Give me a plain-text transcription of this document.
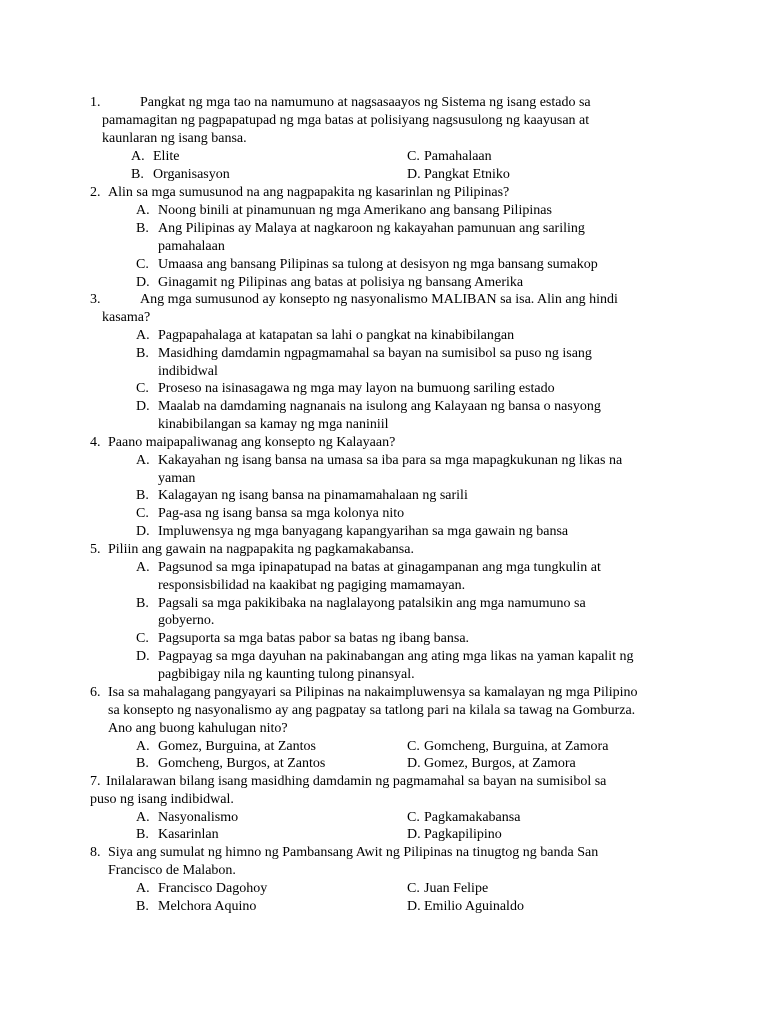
1.	Pangkat ng mga tao na namumuno at nagsasaayos ng Sistema ng isang estado sa
pamamagitan ng pagpapatupad ng mga batas at polisiyang nagsusulong ng kaayusan at
kaunlaran ng isang bansa.
A. Elite	C. Pamahalaan
B. Organisasyon	D. Pangkat Etniko
2. Alin sa mga sumusunod na ang nagpapakita ng kasarinlan ng Pilipinas?
A. Noong binili at pinamunuan ng mga Amerikano ang bansang Pilipinas
B. Ang Pilipinas ay Malaya at nagkaroon ng kakayahan pamunuan ang sariling
pamahalaan
C. Umaasa ang bansang Pilipinas sa tulong at desisyon ng mga bansang sumakop
D. Ginagamit ng Pilipinas ang batas at polisiya ng bansang Amerika
3.	Ang mga sumusunod ay konsepto ng nasyonalismo MALIBAN sa isa. Alin ang hindi
kasama?
A. Pagpapahalaga at katapatan sa lahi o pangkat na kinabibilangan
B. Masidhing damdamin ngpagmamahal sa bayan na sumisibol sa puso ng isang
indibidwal
C. Proseso na isinasagawa ng mga may layon na bumuong sariling estado
D. Maalab na damdaming nagnanais na isulong ang Kalayaan ng bansa o nasyong
kinabibilangan sa kamay ng mga naniniil
4. Paano maipapaliwanag ang konsepto ng Kalayaan?
A. Kakayahan ng isang bansa na umasa sa iba para sa mga mapagkukunan ng likas na
yaman
B. Kalagayan ng isang bansa na pinamamahalaan ng sarili
C. Pag-asa ng isang bansa sa mga kolonya nito
D. Impluwensya ng mga banyagang kapangyarihan sa mga gawain ng bansa
5. Piliin ang gawain na nagpapakita ng pagkamakabansa.
A. Pagsunod sa mga ipinapatupad na batas at ginagampanan ang mga tungkulin at
responsisbilidad na kaakibat ng pagiging mamamayan.
B. Pagsali sa mga pakikibaka na naglalayong patalsikin ang mga namumuno sa
gobyerno.
C. Pagsuporta sa mga batas pabor sa batas ng ibang bansa.
D. Pagpayag sa mga dayuhan na pakinabangan ang ating mga likas na yaman kapalit ng
pagbibigay nila ng kaunting tulong pinansyal.
6. Isa sa mahalagang pangyayari sa Pilipinas na nakaimpluwensya sa kamalayan ng mga Pilipino
sa konsepto ng nasyonalismo ay ang pagpatay sa tatlong pari na kilala sa tawag na Gomburza.
Ano ang buong kahulugan nito?
A. Gomez, Burguina, at Zantos	C. Gomcheng, Burguina, at Zamora
B. Gomcheng, Burgos, at Zantos	D. Gomez, Burgos, at Zamora
7. Inilalarawan bilang isang masidhing damdamin ng pagmamahal sa bayan na sumisibol sa
puso ng isang indibidwal.
A. Nasyonalismo	C. Pagkamakabansa
B. Kasarinlan	D. Pagkapilipino
8. Siya ang sumulat ng himno ng Pambansang Awit ng Pilipinas na tinugtog ng banda San
Francisco de Malabon.
A. Francisco Dagohoy	C. Juan Felipe
B. Melchora Aquino	D. Emilio Aguinaldo
